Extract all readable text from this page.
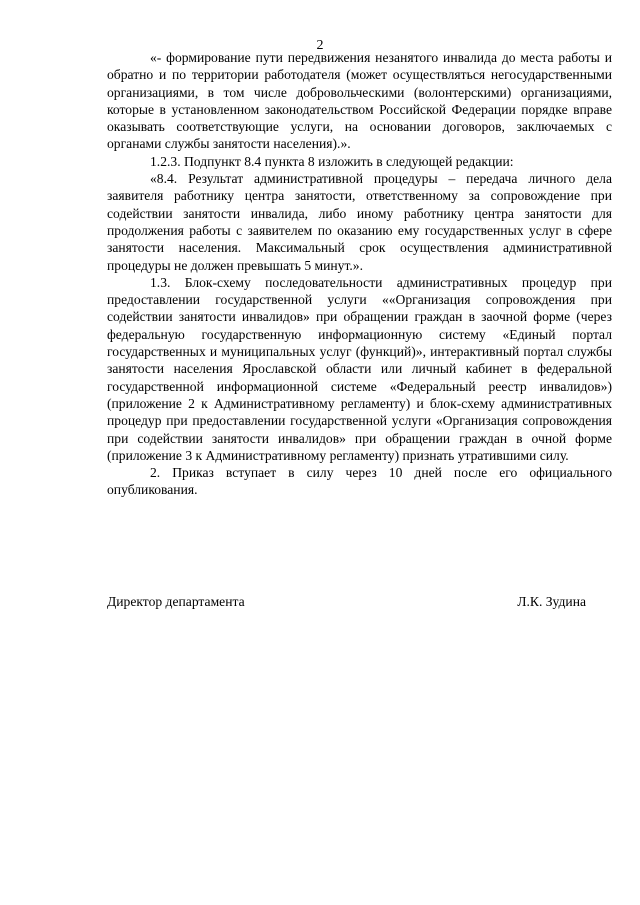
2

«- формирование пути передвижения незанятого инвалида до места работы и обратно и по территории работодателя (может осуществляться негосударственными организациями, в том числе добровольческими (волонтерскими) организациями, которые в установленном законодательством Российской Федерации порядке вправе оказывать соответствующие услуги, на основании договоров, заключаемых с органами службы занятости населения).».

1.2.3. Подпункт 8.4 пункта 8 изложить в следующей редакции:

«8.4. Результат административной процедуры – передача личного дела заявителя работнику центра занятости, ответственному за сопровождение при содействии занятости инвалида, либо иному работнику центра занятости для продолжения работы с заявителем по оказанию ему государственных услуг в сфере занятости населения. Максимальный срок осуществления административной процедуры не должен превышать 5 минут.».

1.3. Блок-схему последовательности административных процедур при предоставлении государственной услуги ««Организация сопровождения при содействии занятости инвалидов» при обращении граждан в заочной форме (через федеральную государственную информационную систему «Единый портал государственных и муниципальных услуг (функций)», интерактивный портал службы занятости населения Ярославской области или личный кабинет в федеральной государственной информационной системе «Федеральный реестр инвалидов») (приложение 2 к Административному регламенту) и блок-схему административных процедур при предоставлении государственной услуги «Организация сопровождения при содействии занятости инвалидов» при обращении граждан в очной форме (приложение 3 к Административному регламенту) признать утратившими силу.

2. Приказ вступает в силу через 10 дней после его официального опубликования.

Директор департамента	Л.К. Зудина
